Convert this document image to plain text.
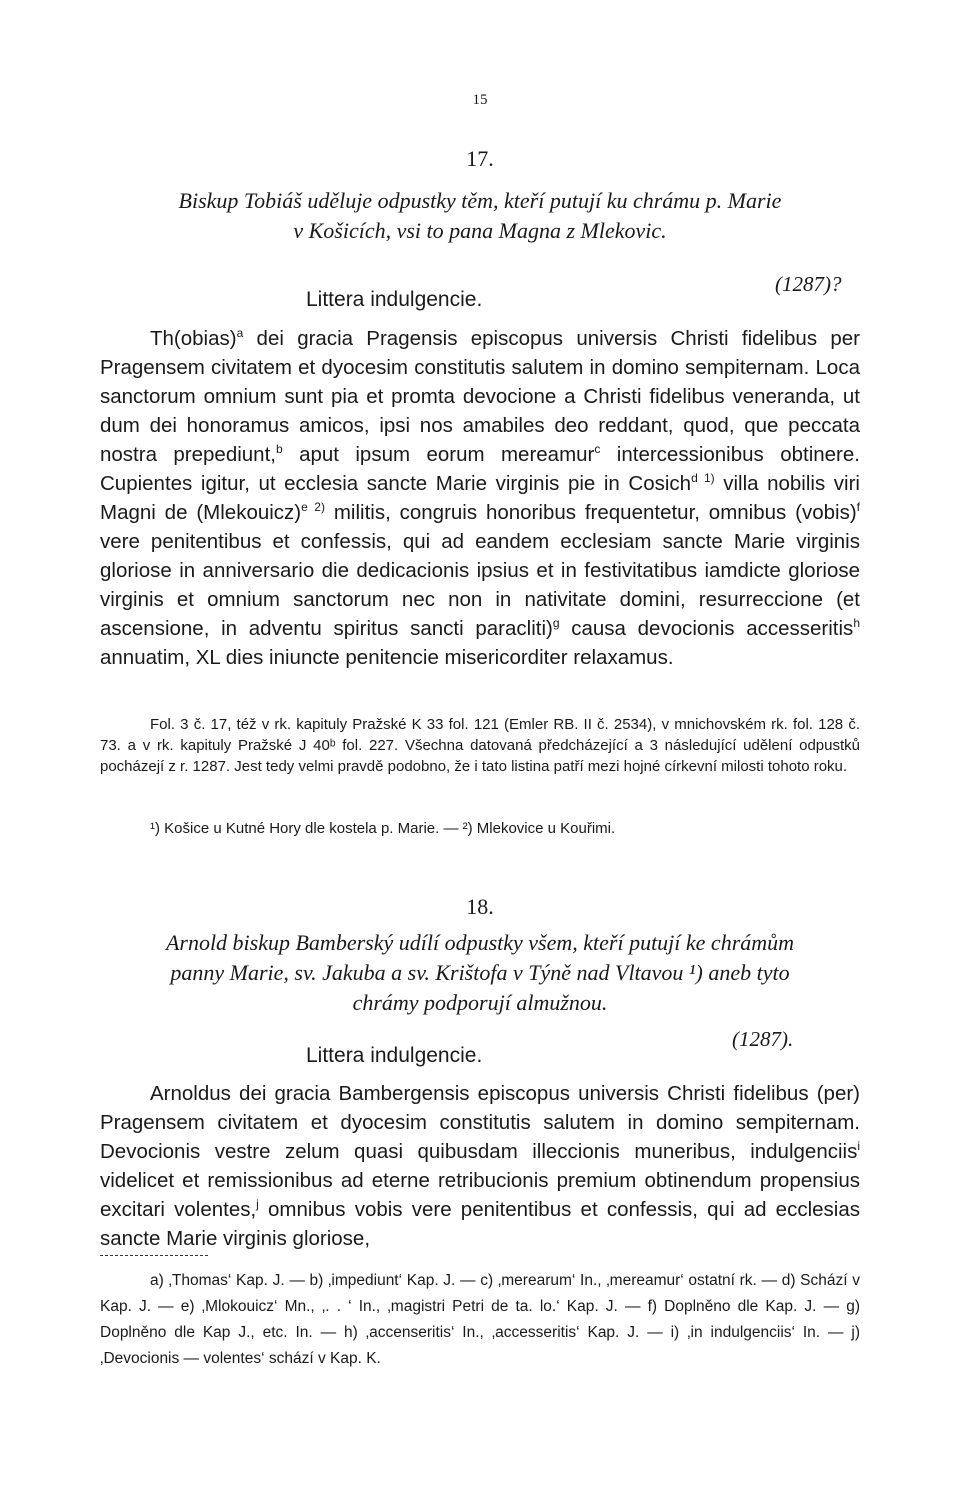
15
17.
Biskup Tobiáš uděluje odpustky těm, kteří putují ku chrámu p. Marie
v Košicích, vsi to pana Magna z Mlekovic.
Littera indulgencie.
(1287)?

Th(obias)$^a$ dei gracia Pragensis episcopus universis Christi fidelibus per Pragensem civitatem et dyocesim constitutis salutem in domino sempiternam. Loca sanctorum omnium sunt pia et promta devocione a Christi fidelibus veneranda, ut dum dei honoramus amicos, ipsi nos amabiles deo reddant, quod, que peccata nostra prepediunt,$^b$ aput ipsum eorum mereamur$^c$ intercessionibus obtinere. Cupientes igitur, ut ecclesia sancte Marie virginis pie in Cosich$^{d 1)}$ villa nobilis viri Magni de (Mlekouicz)$^{e 2)}$ militis, congruis honoribus frequentetur, omnibus (vobis)$^f$ vere penitentibus et confessis, qui ad eandem ecclesiam sancte Marie virginis gloriose in anniversario die dedicacionis ipsius et in festivitatibus iamdicte gloriose virginis et omnium sanctorum nec non in nativitate domini, resurreccione (et ascensione, in adventu spiritus sancti paracliti)$^g$ causa devocionis accesseritis$^h$ annuatim, XL dies iniuncte penitencie misericorditer relaxamus.

Fol. 3 č. 17, též v rk. kapituly Pražské K 33 fol. 121 (Emler RB. II č. 2534), v mnichovském rk. fol. 128 č. 73. a v rk. kapituly Pražské J 40ᵇ fol. 227. Všechna datovaná předcházející a 3 následující udělení odpustků pocházejí z r. 1287. Jest tedy velmi pravdě podobno, že i tato listina patří mezi hojné církevní milosti tohoto roku.

¹) Košice u Kutné Hory dle kostela p. Marie. — ²) Mlekovice u Kouřimi.

18.
Arnold biskup Bamberský udílí odpustky všem, kteří putují ke chrámům
panny Marie, sv. Jakuba a sv. Krištofa v Týně nad Vltavou ¹) aneb tyto
chrámy podporují almužnou.
Littera indulgencie.
(1287).

Arnoldus dei gracia Bambergensis episcopus universis Christi fidelibus (per) Pragensem civitatem et dyocesim constitutis salutem in domino sempiternam. Devocionis vestre zelum quasi quibusdam illeccionis muneribus, indulgenciis$^i$ videlicet et remissionibus ad eterne retribucionis premium obtinendum propensius excitari volentes,$^j$ omnibus vobis vere penitentibus et confessis, qui ad ecclesias sancte Marie virginis gloriose,

a) ‚Thomas‘ Kap. J. — b) ‚impediunt‘ Kap. J. — c) ‚merearum‘ In., ‚mereamur‘ ostatní rk. — d) Schází v Kap. J. — e) ‚Mlokouicz‘ Mn., ‚. . ‘ In., ‚magistri Petri de ta. lo.‘ Kap. J. — f) Doplněno dle Kap. J. — g) Doplněno dle Kap J., etc. In. — h) ‚accenseritis‘ In., ‚accesseritis‘ Kap. J. — i) ‚in indulgenciis‘ In. — j) ‚Devocionis — volentes‘ schází v Kap. K.
